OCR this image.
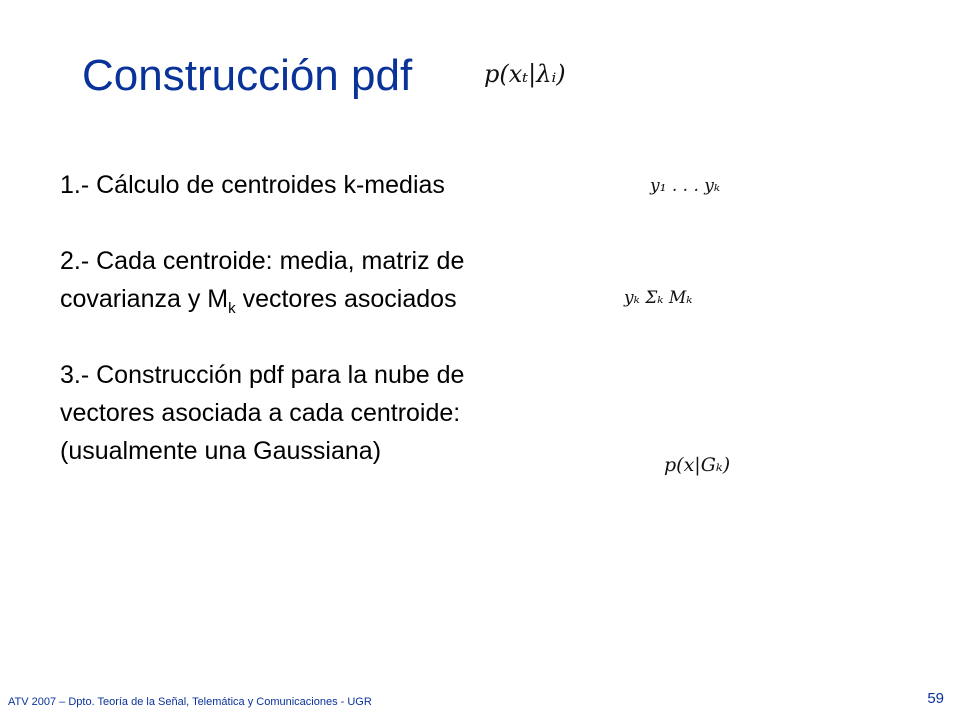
Construcción pdf	p(xₜ|λᵢ)
1.- Cálculo de centroides k-medias
2.- Cada centroide: media, matriz de covarianza y $M_k$ vectores asociados
3.- Construcción pdf para la nube de vectores asociada a cada centroide: (usualmente una Gaussiana)
y₁ . . . yₖ
yₖ Σₖ Mₖ
p(x|Gₖ)
ATV 2007 – Dpto. Teoría de la Señal, Telemática y Comunicaciones - UGR	59
